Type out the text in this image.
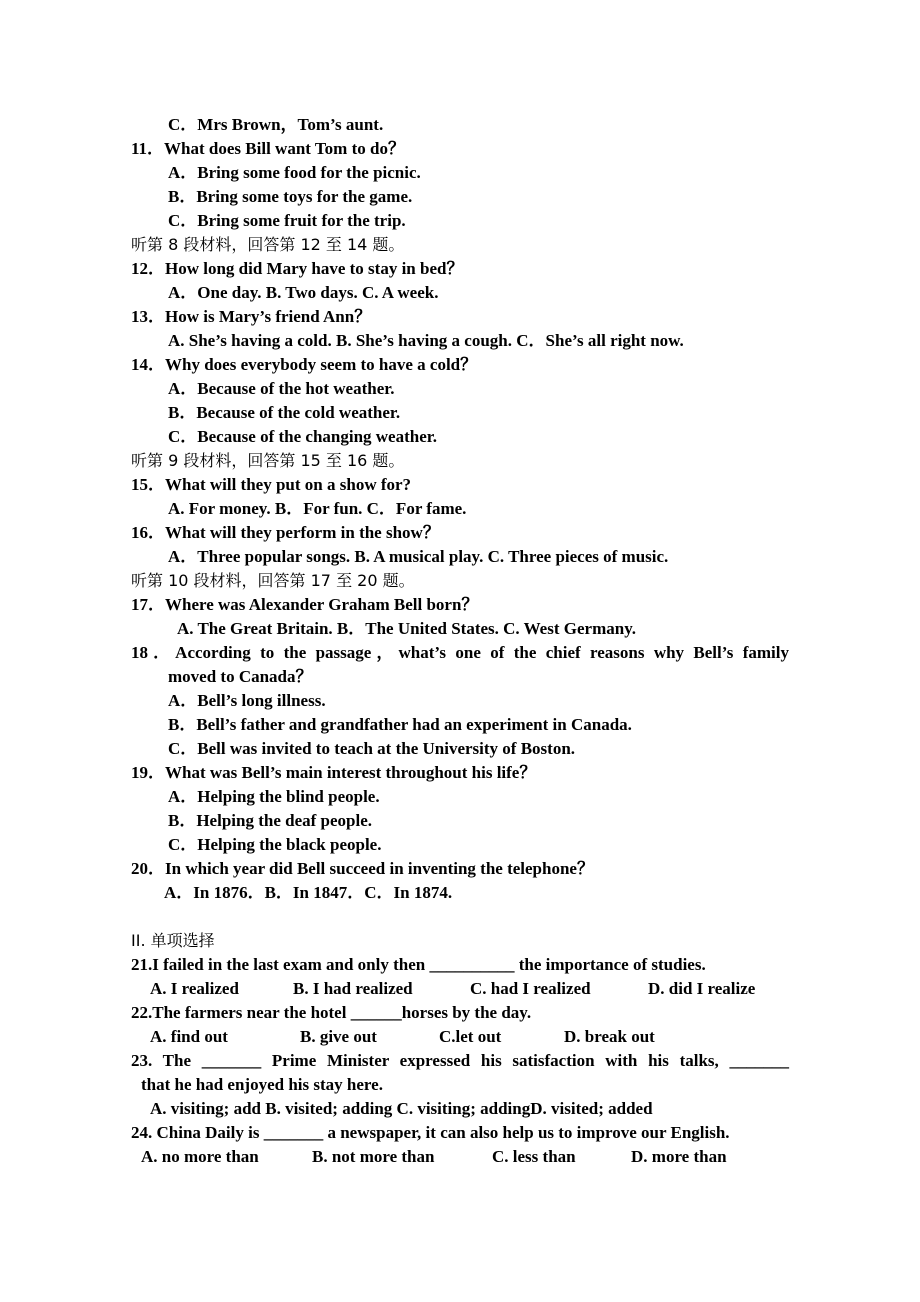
C．Mrs Brown，Tom’s aunt.
11．What does Bill want Tom to do？
A．Bring some food for the picnic.
B．Bring some toys for the game.
C．Bring some fruit for the trip.
听第 8 段材料，回答第 12 至 14 题。
12．How long did Mary have to stay in bed？
A．One day. B. Two days. C. A week.
13．How is Mary’s friend Ann？
A. She’s having a cold. B. She’s having a cough. C．She’s all right now.
14．Why does everybody seem to have a cold？
A．Because of the hot weather.
B．Because of the cold weather.
C．Because of the changing weather.
听第 9 段材料，回答第 15 至 16 题。
15．What will they put on a show for?
A. For money. B．For fun. C．For fame.
16．What will they perform in the show？
A．Three popular songs. B. A musical play. C. Three pieces of music.
听第 10 段材料，回答第 17 至 20 题。
17．Where was Alexander Graham Bell born？
A. The Great Britain. B．The United States. C. West Germany.
18．According to the passage，what’s one of the chief reasons why Bell’s family
moved to Canada？
A．Bell’s long illness.
B．Bell’s father and grandfather had an experiment in Canada.
C．Bell was invited to teach at the University of Boston.
19．What was Bell’s main interest throughout his life？
A．Helping the blind people.
B．Helping the deaf people.
C．Helping the black people.
20．In which year did Bell succeed in inventing the telephone？
A．In 1876．B．In 1847．C．In 1874.
II. 单项选择
21.I failed in the last exam and only then __________ the importance of studies.
A. I realized	B. I had realized	C. had I realized	D. did I realize
22.The farmers near the hotel ______horses by the day.
A. find out	B. give out	C.let out	D. break out
23. The _______ Prime Minister expressed his satisfaction with his talks, _______
that he had enjoyed his stay here.
A. visiting; add B. visited; adding C. visiting; addingD. visited; added
24. China Daily is _______ a newspaper, it can also help us to improve our English.
A. no more than	B. not more than	C. less than	D. more than
